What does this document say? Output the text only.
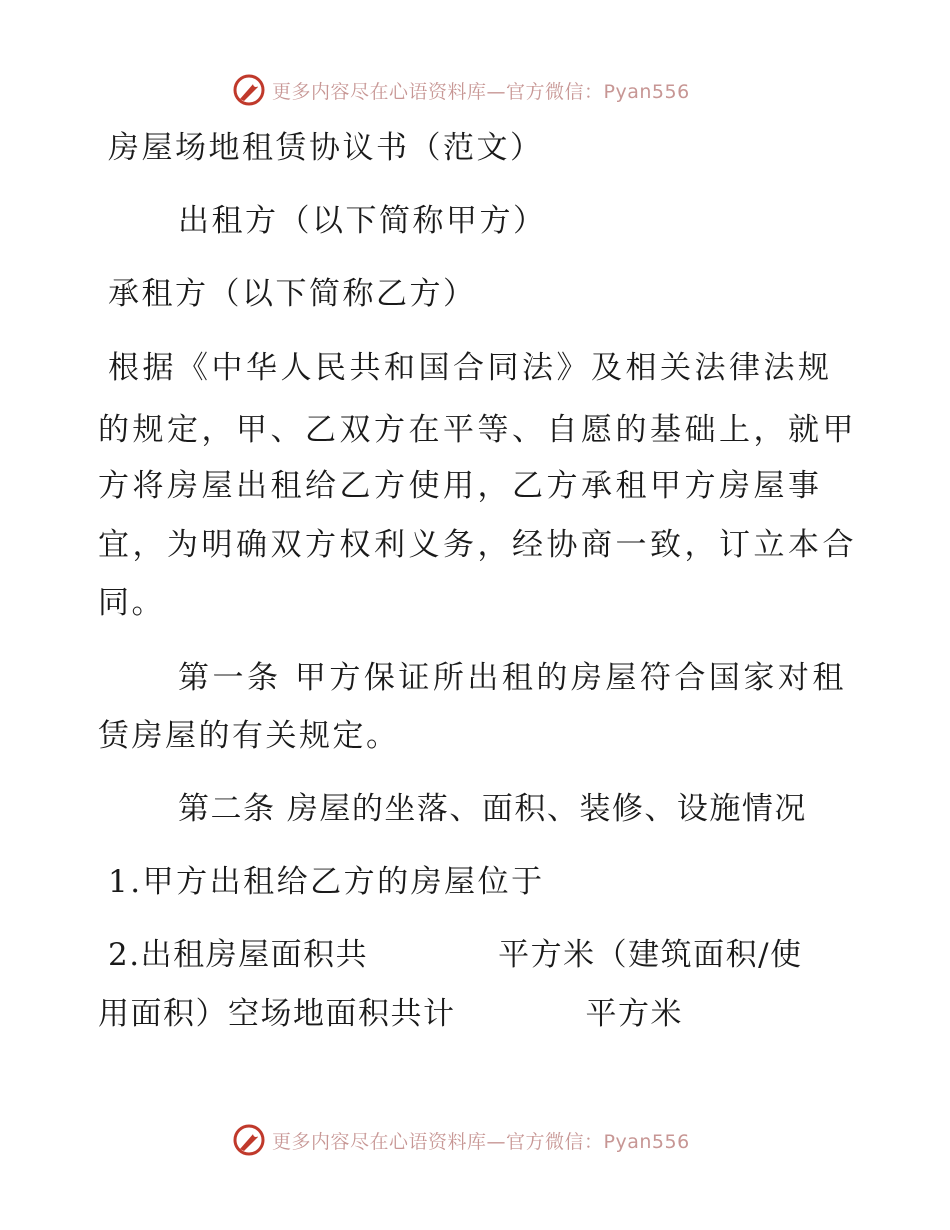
更多内容尽在心语资料库—官方微信：Pyan556
房屋场地租赁协议书（范文）
出租方（以下简称甲方）
承租方（以下简称乙方）
根据《中华人民共和国合同法》及相关法律法规
的规定，甲、乙双方在平等、自愿的基础上，就甲
方将房屋出租给乙方使用，乙方承租甲方房屋事
宜，为明确双方权利义务，经协商一致，订立本合
同。
第一条 甲方保证所出租的房屋符合国家对租
赁房屋的有关规定。
第二条 房屋的坐落、面积、装修、设施情况
1.甲方出租给乙方的房屋位于
2.出租房屋面积共　　　　平方米（建筑面积/使
用面积）空场地面积共计　　　　平方米
更多内容尽在心语资料库—官方微信：Pyan556
